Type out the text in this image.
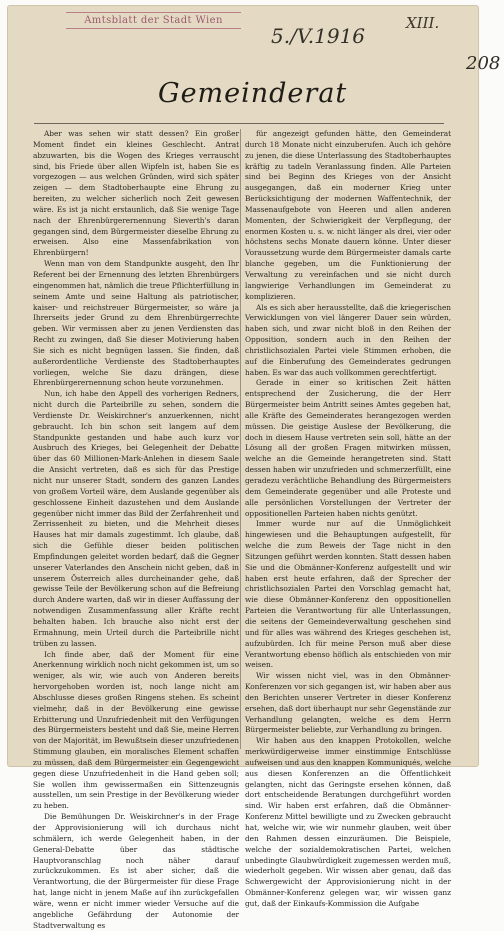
Amtsblatt der Stadt Wien
5./V.1916
XIII.
208
Gemeinderat

Aber was sehen wir statt dessen? Ein großer Moment findet ein kleines Geschlecht. Antrat abzuwarten, bis die Wogen des Krieges verrauscht sind, bis Friede über allen Wipfeln ist, haben Sie es vorgezogen — aus welchen Gründen, wird sich später zeigen — dem Stadtoberhaupte eine Ehrung zu bereiten, zu welcher sicherlich noch Zeit gewesen wäre. Es ist ja nicht erstaunlich, daß Sie wenige Tage nach der Ehrenbürgerernennung Sieverth's daran gegangen sind, dem Bürgermeister dieselbe Ehrung zu erweisen. Also eine Massenfabrikation von Ehrenbürgern!

Wenn man von dem Standpunkte ausgeht, den Ihr Referent bei der Ernennung des letzten Ehrenbürgers eingenommen hat, nämlich die treue Pflichterfüllung in seinem Amte und seine Haltung als patriotischer, kaiser- und reichstreuer Bürgermeister, so wäre ja Ihrerseits jeder Grund zu dem Ehrenbürgerrechte geben. Wir vermissen aber zu jenen Verdiensten das Recht zu zwingen, daß Sie dieser Motivierung haben Sie sich es nicht begnügen lassen. Sie finden, daß außerordentliche Verdienste des Stadtoberhauptes vorliegen, welche Sie dazu drängen, diese Ehrenbürgerernennung schon heute vorzunehmen.

Nun, ich habe den Appell des vorherigen Redners, nicht durch die Parteibrille zu sehen, sondern die Verdienste Dr. Weiskirchner's anzuerkennen, nicht gebraucht. Ich bin schon seit langem auf dem Standpunkte gestanden und habe auch kurz vor Ausbruch des Krieges, bei Gelegenheit der Debatte über das 60 Millionen-Mark-Anlehen in diesem Saale die Ansicht vertreten, daß es sich für das Prestige nicht nur unserer Stadt, sondern des ganzen Landes von großem Vorteil wäre, dem Auslande gegenüber als geschlossene Einheit dazustehen und dem Auslande gegenüber nicht immer das Bild der Zerfahrenheit und Zerrissenheit zu bieten, und die Mehrheit dieses Hauses hat mir damals zugestimmt. Ich glaube, daß sich die Gefühle dieser beiden politischen Empfindungen geleitet worden bedarf, daß die Gegner unserer Vaterlandes den Anschein nicht geben, daß in unserem Österreich alles durcheinander gehe, daß gewisse Teile der Bevölkerung schon auf die Befreiung durch Andere warten, daß wir in dieser Auffassung der notwendigen Zusammenfassung aller Kräfte recht behalten haben. Ich brauche also nicht erst der Ermahnung, mein Urteil durch die Parteibrille nicht trüben zu lassen.

Ich finde aber, daß der Moment für eine Anerkennung wirklich noch nicht gekommen ist, um so weniger, als wir, wie auch von Anderen bereits hervorgehoben worden ist, noch lange nicht am Abschlusse dieses großen Ringens stehen. Es scheint vielmehr, daß in der Bevölkerung eine gewisse Erbitterung und Unzufriedenheit mit den Verfügungen des Bürgermeisters besteht und daß Sie, meine Herren von der Majorität, im Bewußtsein dieser unzufriedenen Stimmung glauben, ein moralisches Element schaffen zu müssen, daß dem Bürgermeister ein Gegengewicht gegen diese Unzufriedenheit in die Hand geben soll; Sie wollen ihm gewissermaßen ein Sittenzeugnis ausstellen, um sein Prestige in der Bevölkerung wieder zu heben.

Die Bemühungen Dr. Weiskirchner's in der Frage der Approvisionierung will ich durchaus nicht schmälern, ich werde Gelegenheit haben, in der General-Debatte über das städtische Hauptvoranschlag noch näher darauf zurückzukommen. Es ist aber sicher, daß die Verantwortung, die der Bürgermeister für diese Frage hat, lange nicht in jenem Maße auf ihn zurückgefallen wäre, wenn er nicht immer wieder Versuche auf die angebliche Gefährdung der Autonomie der Stadtverwaltung es

für angezeigt gefunden hätte, den Gemeinderat durch 18 Monate nicht einzuberufen. Auch ich gehöre zu jenen, die diese Unterlassung des Stadtoberhauptes kräftig zu tadeln Veranlassung finden. Alle Parteien sind bei Beginn des Krieges von der Ansicht ausgegangen, daß ein moderner Krieg unter Berücksichtigung der modernen Waffentechnik, der Massenaufgebote von Heeren und allen anderen Momenten, der Schwierigkeit der Verpflegung, der enormen Kosten u. s. w. nicht länger als drei, vier oder höchstens sechs Monate dauern könne. Unter dieser Voraussetzung wurde dem Bürgermeister damals carte blanche gegeben, um die Funktionierung der Verwaltung zu vereinfachen und sie nicht durch langwierige Verhandlungen im Gemeinderat zu komplizieren.

Als es sich aber herausstellte, daß die kriegerischen Verwicklungen von viel längerer Dauer sein würden, haben sich, und zwar nicht bloß in den Reihen der Opposition, sondern auch in den Reihen der christlichsozialen Partei viele Stimmen erhoben, die auf die Einberufung des Gemeinderates gedrungen haben. Es war das auch vollkommen gerechtfertigt.

Gerade in einer so kritischen Zeit hätten entsprechend der Zusicherung, die der Herr Bürgermeister beim Antritt seines Amtes gegeben hat, alle Kräfte des Gemeinderates herangezogen werden müssen. Die geistige Auslese der Bevölkerung, die doch in diesem Hause vertreten sein soll, hätte an der Lösung all der großen Fragen mitwirken müssen, welche an die Gemeinde herangetreten sind. Statt dessen haben wir unzufrieden und schmerzerfüllt, eine geradezu verächtliche Behandlung des Bürgermeisters dem Gemeinderate gegenüber und alle Proteste und alle persönlichen Vorstellungen der Vertreter der oppositionellen Parteien haben nichts genützt.

Immer wurde nur auf die Unmöglichkeit hingewiesen und die Behauptungen aufgestellt, für welche die zum Beweis der Tage nicht in den Sitzungen geführt werden konnten. Statt dessen haben Sie und die Obmänner-Konferenz aufgestellt und wir haben erst heute erfahren, daß der Sprecher der christlichsozialen Partei den Vorschlag gemacht hat, wie diese Obmänner-Konferenz den oppositionellen Parteien die Verantwortung für alle Unterlassungen, die seitens der Gemeindeverwaltung geschehen sind und für alles was während des Krieges geschehen ist, aufzubürden. Ich für meine Person muß aber diese Verantwortung ebenso höflich als entschieden von mir weisen.

Wir wissen nicht viel, was in den Obmänner-Konferenzen vor sich gegangen ist, wir haben aber aus den Berichten unserer Vertreter in dieser Konferenz ersehen, daß dort überhaupt nur sehr Gegenstände zur Verhandlung gelangten, welche es dem Herrn Bürgermeister beliebte, zur Verhandlung zu bringen.

Wir haben aus den knappen Protokollen, welche merkwürdigerweise immer einstimmige Entschlüsse aufweisen und aus den knappen Kommuniqués, welche aus diesen Konferenzen an die Öffentlichkeit gelangten, nicht das Geringste ersehen können, daß dort entscheidende Beratungen durchgeführt worden sind. Wir haben erst erfahren, daß die Obmänner-Konferenz Mittel bewilligte und zu Zwecken gebraucht hat, welche wir, wie wir nunmehr glauben, weit über den Rahmen dessen einzuräumen. Die Beispiele, welche der sozialdemokratischen Partei, welchen unbedingte Glaubwürdigkeit zugemessen werden muß, wiederholt gegeben. Wir wissen aber genau, daß das Schwergewicht der Approvisionierung nicht in der Obmänner-Konferenz gelegen war, wir wissen ganz gut, daß der Einkaufs-Kommission die Aufgabe
